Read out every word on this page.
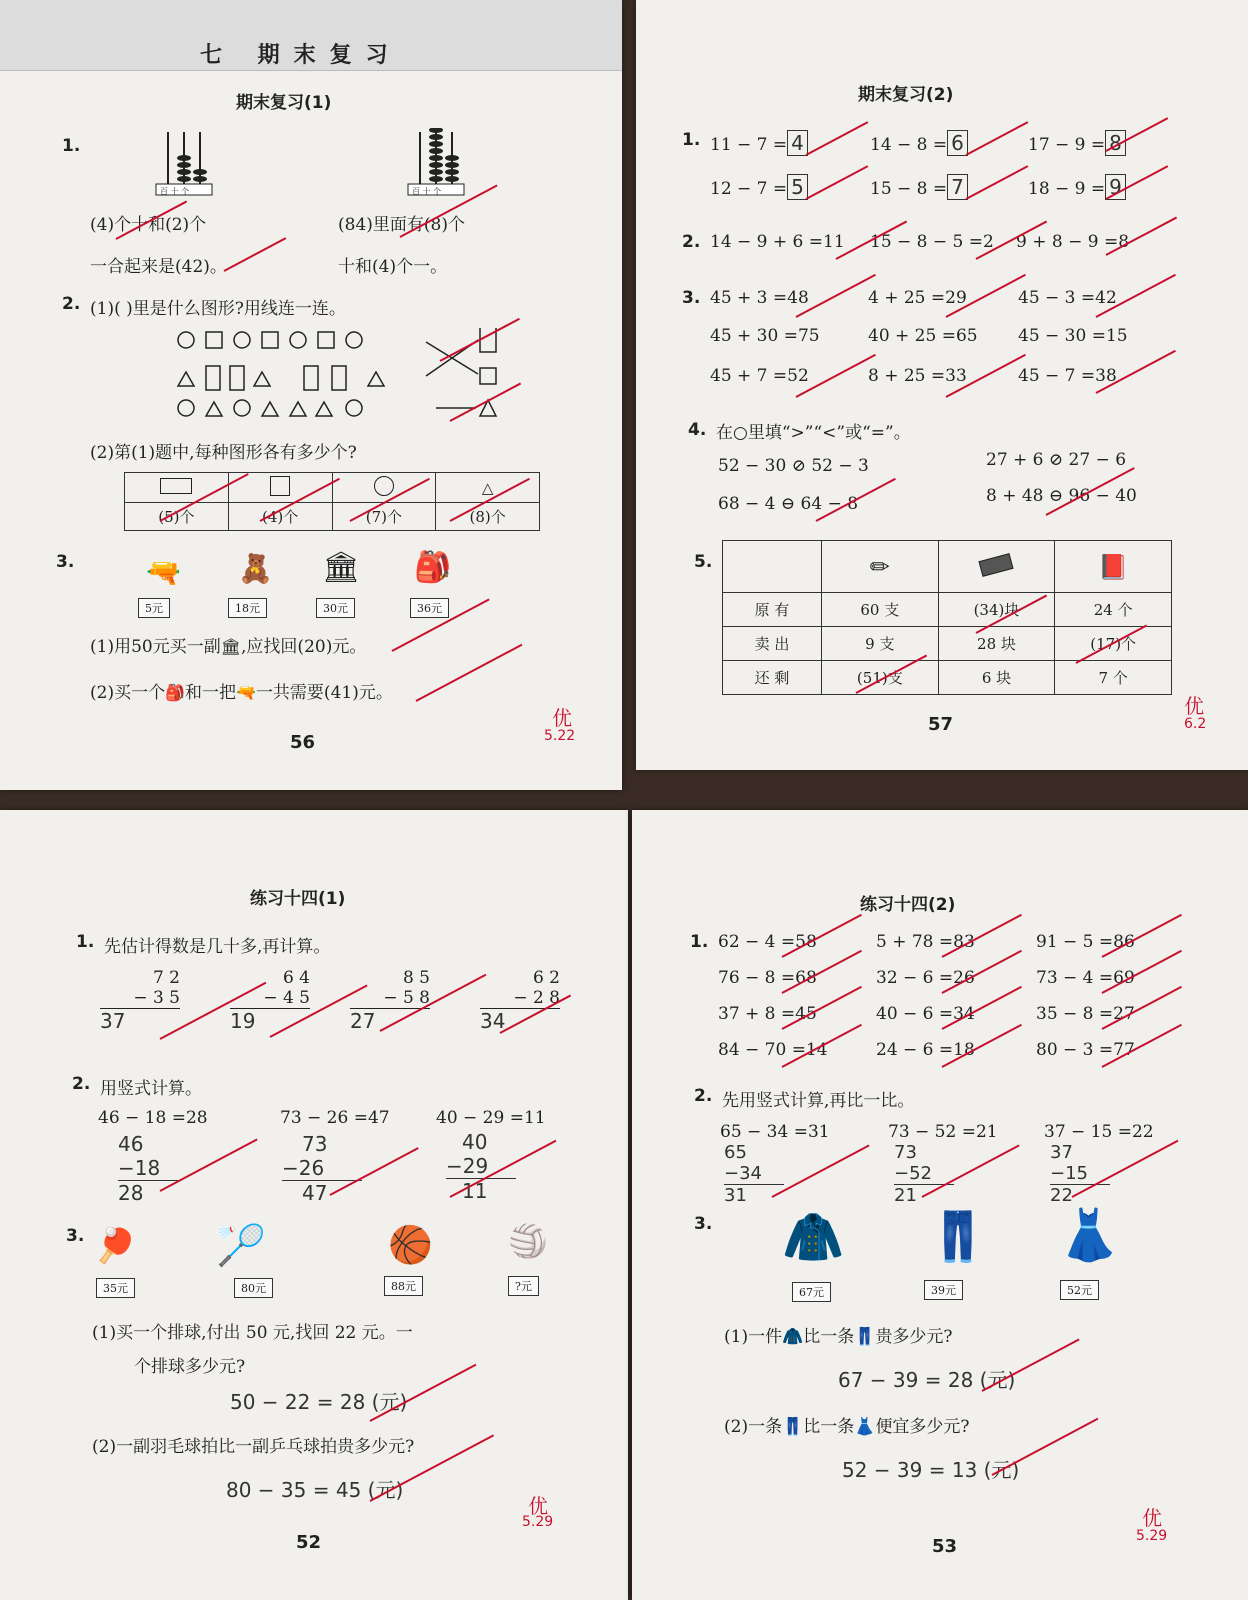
七 期末复习
期末复习(1)
1.
百 十 个	百 十 个
(4)个十和(2)个
一合起来是(42)。
(84)里面有(8)个
十和(4)个一。
2. (1)( )里是什么图形?用线连一连。
(2)第(1)题中,每种图形各有多少个?
			△
(5)个	(4)个	(7)个	(8)个
3.	🔫 🧸 🏛 🎒
5元	18元	30元	36元
(1)用50元买一副🏛,应找回(20)元。
(2)买一个🎒和一把🔫一共需要(41)元。
56
优
5.22
期末复习(2)
1. 11 − 7 = 4	14 − 8 = 6	17 − 9 = 8
12 − 7 = 5	15 − 8 = 7	18 − 9 = 9
2. 14 − 9 + 6 =11 15 − 8 − 5 =2 9 + 8 − 9 =8
3. 45 + 3 =48	4 + 25 =29	45 − 3 =42
45 + 30 =75	40 + 25 =65 45 − 30 =15
45 + 7 =52	8 + 25 =33	45 − 7 =38
4. 在○里填“>”“<”或“=”。
52 − 30 ⊘ 52 − 3	27 + 6 ⊘ 27 − 6
68 − 4 ⊖ 64 − 8	8 + 48 ⊖ 96 − 40
5.
		✏		📕
原 有	60 支	(34)块	24 个
卖 出	9 支	28 块	(17)个
还 剩	(51)支	6 块	7 个
57
优
6.2
练习十四(1)
1. 先估计得数是几十多,再计算。
7 2
− 3 5
37
6 4
− 4 5
19
8 5
− 5 8
27
6 2
− 2 8
34
2. 用竖式计算。
46 − 18 =28
46
−18
28
73 − 26 =47
73
−26
47
40 − 29 =11
40
−29
11
3. 🏓 🏸	🏀 🏐
35元	80元	88元	?元
(1)买一个排球,付出 50 元,找回 22 元。一
个排球多少元?
50 − 22 = 28 (元)
(2)一副羽毛球拍比一副乒乓球拍贵多少元?
80 − 35 = 45 (元)
52
优
5.29
练习十四(2)
1. 62 − 4 =58	5 + 78 =83	91 − 5 =86
76 − 8 =68	32 − 6 =26	73 − 4 =69
37 + 8 =45	40 − 6 =34	35 − 8 =27
84 − 70 =14	24 − 6 =18	80 − 3 =77
2. 先用竖式计算,再比一比。
65 − 34 =31
65
−34
31
73 − 52 =21
73
−52
21
37 − 15 =22
37
−15
22
3. 🧥 👖 👗
67元	39元	52元
(1)一件🧥比一条👖贵多少元?
67 − 39 = 28 (元)
(2)一条👖比一条👗便宜多少元?
52 − 39 = 13 (元)
53
优
5.29
